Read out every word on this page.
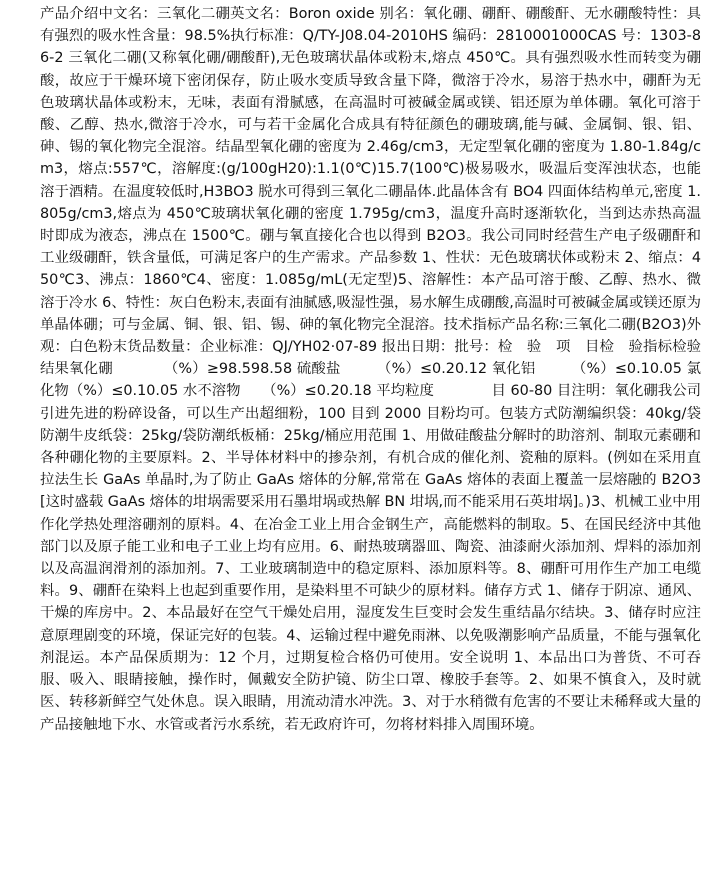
产品介绍中文名：三氧化二硼英文名：Boron oxide 别名：氧化硼、硼酐、硼酸酐、无水硼酸特性：具有强烈的吸水性含量：98.5%执行标准：Q/TY-J08.04-2010HS 编码：2810001000CAS 号：1303-86-2 三氧化二硼(又称氧化硼/硼酸酐),无色玻璃状晶体或粉末,熔点 450℃。具有强烈吸水性而转变为硼酸，故应于干燥环境下密闭保存，防止吸水变质导致含量下降，微溶于冷水，易溶于热水中，硼酐为无色玻璃状晶体或粉末，无味，表面有滑腻感，在高温时可被碱金属或镁、铝还原为单体硼。氧化可溶于酸、乙醇、热水,微溶于冷水，可与若干金属化合成具有特征颜色的硼玻璃,能与碱、金属铜、银、铝、砷、锡的氧化物完全混溶。结晶型氧化硼的密度为 2.46g/cm3，无定型氧化硼的密度为 1.80-1.84g/cm3，熔点:557℃，溶解度:(g/100gH20):1.1(0℃)15.7(100℃)极易吸水，吸温后变浑浊状态，也能溶于酒精。在温度较低时,H3BO3 脱水可得到三氧化二硼晶体.此晶体含有 BO4 四面体结构单元,密度 1.805g/cm3,熔点为 450℃玻璃状氧化硼的密度 1.795g/cm3，温度升高时逐渐软化，当到达赤热高温时即成为液态，沸点在 1500℃。硼与氧直接化合也以得到 B2O3。我公司同时经营生产电子级硼酐和工业级硼酐，铁含量低，可满足客户的生产需求。产品参数 1、性状：无色玻璃状体或粉末 2、缩点：450℃3、沸点：1860℃4、密度：1.085g/mL(无定型)5、溶解性：本产品可溶于酸、乙醇、热水、微溶于冷水 6、特性：灰白色粉末,表面有油腻感,吸湿性强，易水解生成硼酸,高温时可被碱金属或镁还原为单晶体硼；可与金属、铜、银、铝、锡、砷的氧化物完全混溶。技术指标产品名称:三氧化二硼(B2O3)外观：白色粉末货品数量：企业标准：QJ/YH02·07-89 报出日期：批号：检　验　项　目检　验指标检验结果氧化硼　　　　（%）≥98.598.58 硫酸盐　　　（%）≤0.20.12 氧化铝　　　（%）≤0.10.05 氯化物（%）≤0.10.05 水不溶物　　（%）≤0.20.18 平均粒度　　　　目 60-80 目注明：氧化硼我公司引进先进的粉碎设备，可以生产出超细粉，100 目到 2000 目粉均可。包装方式防潮编织袋：40kg/袋防潮牛皮纸袋：25kg/袋防潮纸板桶：25kg/桶应用范围 1、用做硅酸盐分解时的助溶剂、制取元素硼和各种硼化物的主要原料。2、半导体材料中的掺杂剂，有机合成的催化剂、瓷釉的原料。(例如在采用直拉法生长 GaAs 单晶时,为了防止 GaAs 熔体的分解,常常在 GaAs 熔体的表面上覆盖一层熔融的 B2O3 [这时盛载 GaAs 熔体的坩埚需要采用石墨坩埚或热解 BN 坩埚,而不能采用石英坩埚]。)3、机械工业中用作化学热处理溶硼剂的原料。4、在冶金工业上用合金钢生产，高能燃料的制取。5、在国民经济中其他部门以及原子能工业和电子工业上均有应用。6、耐热玻璃器皿、陶瓷、油漆耐火添加剂、焊料的添加剂以及高温润滑剂的添加剂。7、工业玻璃制造中的稳定原料、添加原料等。8、硼酐可用作生产加工电缆料。9、硼酐在染料上也起到重要作用，是染料里不可缺少的原材料。储存方式 1、储存于阴凉、通风、干燥的库房中。2、本品最好在空气干燥处启用，湿度发生巨变时会发生重结晶尔结块。3、储存时应注意原理剧变的环境，保证完好的包装。4、运输过程中避免雨淋、以免吸潮影响产品质量，不能与强氧化剂混运。本产品保质期为：12 个月，过期复检合格仍可使用。安全说明 1、本品出口为普货、不可吞服、吸入、眼睛接触，操作时，佩戴安全防护镜、防尘口罩、橡胶手套等。2、如果不慎食入，及时就医、转移新鲜空气处休息。误入眼睛，用流动清水冲洗。3、对于水稍微有危害的不要让未稀释或大量的产品接触地下水、水管或者污水系统，若无政府许可，勿将材料排入周围环境。
